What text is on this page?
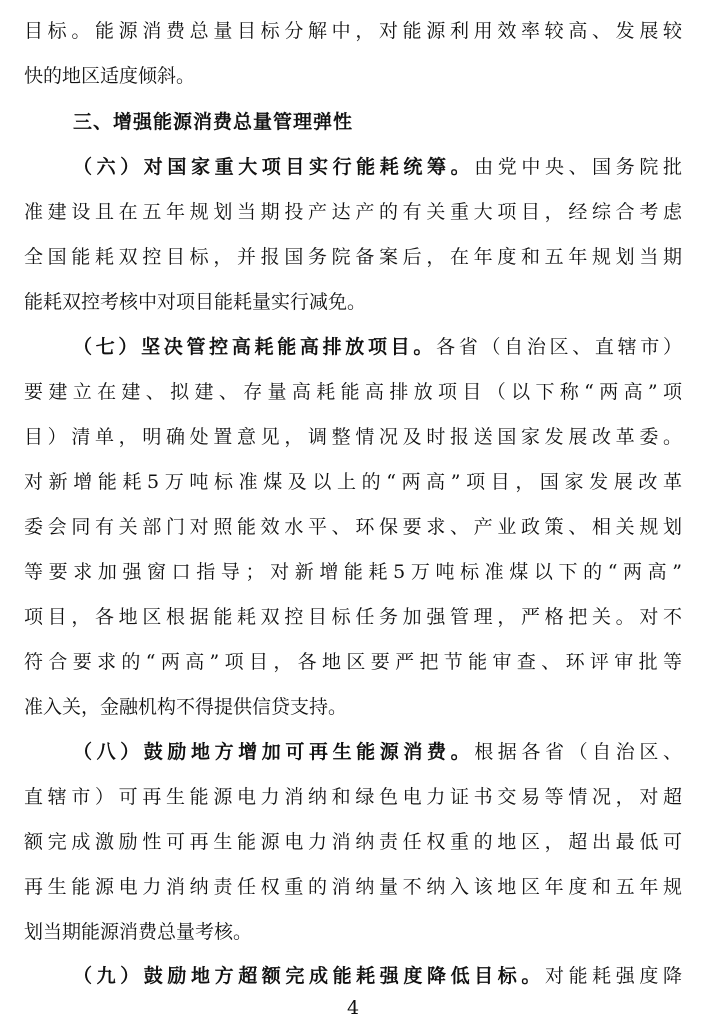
目标。能源消费总量目标分解中，对能源利用效率较高、发展较
快的地区适度倾斜。
三、增强能源消费总量管理弹性
（六）对国家重大项目实行能耗统筹。由党中央、国务院批
准建设且在五年规划当期投产达产的有关重大项目，经综合考虑
全国能耗双控目标，并报国务院备案后，在年度和五年规划当期
能耗双控考核中对项目能耗量实行减免。
（七）坚决管控高耗能高排放项目。各省（自治区、直辖市）
要建立在建、拟建、存量高耗能高排放项目（以下称“两高”项
目）清单，明确处置意见，调整情况及时报送国家发展改革委。
对新增能耗5万吨标准煤及以上的“两高”项目，国家发展改革
委会同有关部门对照能效水平、环保要求、产业政策、相关规划
等要求加强窗口指导；对新增能耗5万吨标准煤以下的“两高”
项目，各地区根据能耗双控目标任务加强管理，严格把关。对不
符合要求的“两高”项目，各地区要严把节能审查、环评审批等
准入关，金融机构不得提供信贷支持。
（八）鼓励地方增加可再生能源消费。根据各省（自治区、
直辖市）可再生能源电力消纳和绿色电力证书交易等情况，对超
额完成激励性可再生能源电力消纳责任权重的地区，超出最低可
再生能源电力消纳责任权重的消纳量不纳入该地区年度和五年规
划当期能源消费总量考核。
（九）鼓励地方超额完成能耗强度降低目标。对能耗强度降
4
